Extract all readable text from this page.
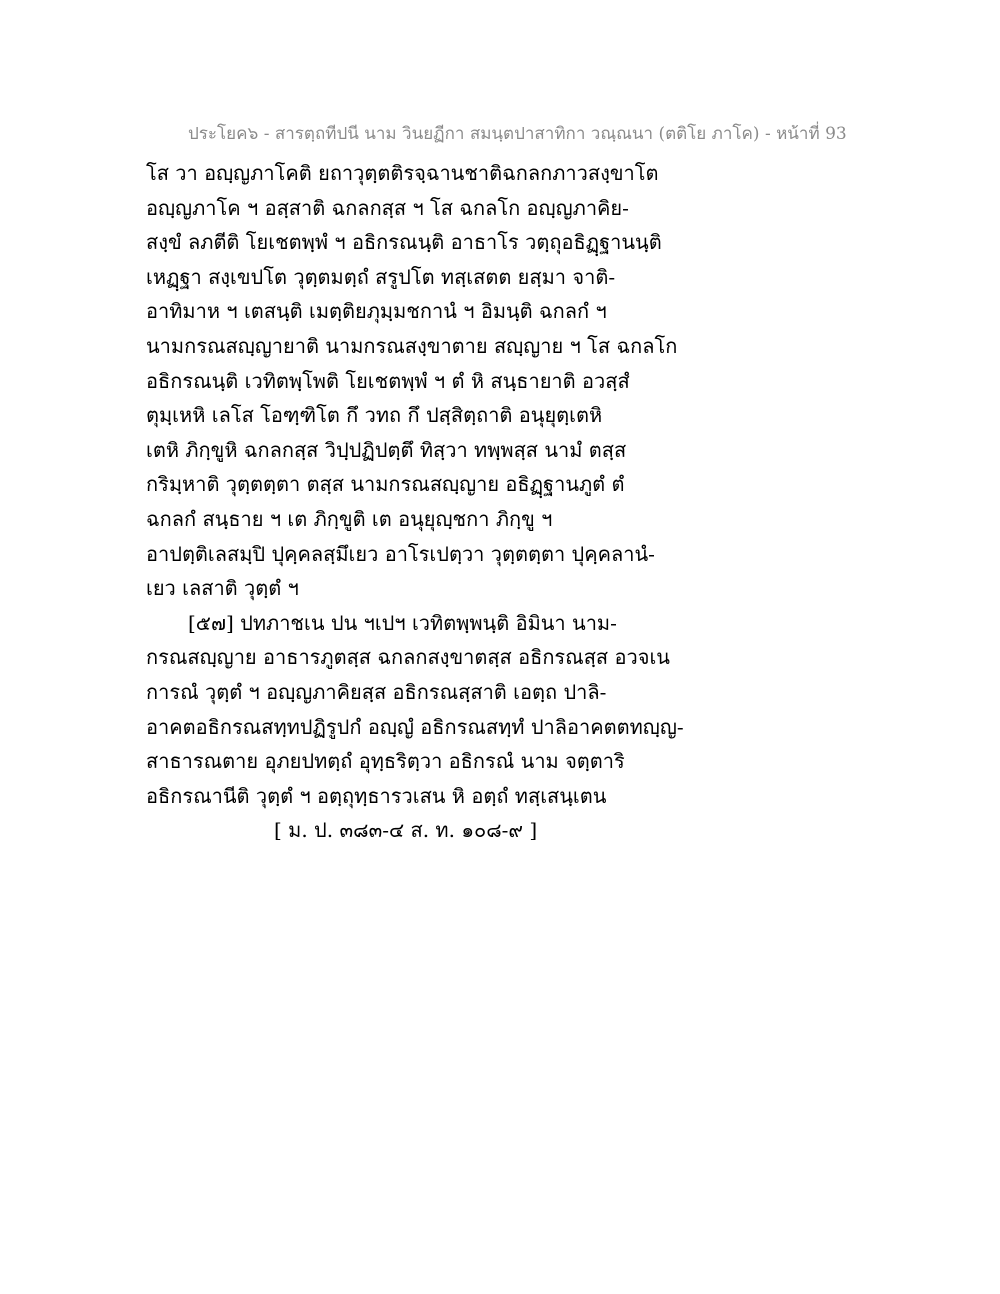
ประโยค๖ - สารตฺถทีปนี นาม วินยฏีกา สมนฺตปาสาทิกา วณฺณนา (ตติโย ภาโค) - หน้าที่ 93
โส วา อญฺญภาโคติ ยถาวุตฺตติรจฺฉานชาติฉกลกภาวสงฺขาโต
อญฺญภาโค ฯ อสฺสาติ ฉกลกสฺส ฯ โส ฉกลโก อญฺญภาคิย-
สงฺขํ ลภตีติ โยเชตพฺพํ ฯ อธิกรณนฺติ อาธาโร วตฺถุอธิฏฺฐานนฺติ
เหฏฺฐา สงฺเขปโต วุตฺตมตฺถํ สรูปโต ทสฺเสตต ยสฺมา จาติ-
อาทิมาห ฯ เตสนฺติ เมตฺติยภุมฺมชกานํ ฯ อิมนฺติ ฉกลกํ ฯ
นามกรณสญฺญายาติ นามกรณสงฺขาตาย สญฺญาย ฯ โส ฉกลโก
อธิกรณนฺติ เวทิตพฺโพติ โยเชตพฺพํ ฯ ตํ หิ สนฺธายาติ อวสฺสํ
ตุมฺเหหิ เลโส โอฑฺฑิโต กึ วทถ กึ ปสฺสิตฺถาติ อนุยุตฺเตหิ
เตหิ ภิกฺขูหิ ฉกลกสฺส วิปฺปฏิปตฺตึ ทิสฺวา ทพฺพสฺส นามํ ตสฺส
กริมฺหาติ วุตฺตตฺตา ตสฺส นามกรณสญฺญาย อธิฏฺฐานภูตํ ตํ
ฉกลกํ สนฺธาย ฯ เต ภิกฺขูติ เต อนุยุญฺชกา ภิกฺขู ฯ
อาปตฺติเลสมฺปิ ปุคฺคลสฺมึเยว อาโรเปตฺวา วุตฺตตฺตา ปุคฺคลานํ-
เยว เลสาติ วุตฺตํ ฯ
[๕๗] ปทภาชเน ปน ฯเปฯ เวทิตพฺพนฺติ อิมินา นาม-
กรณสญฺญาย อาธารภูตสฺส ฉกลกสงฺขาตสฺส อธิกรณสฺส อวจเน
การณํ วุตฺตํ ฯ อญฺญภาคิยสฺส อธิกรณสฺสาติ เอตฺถ ปาลิ-
อาคตอธิกรณสทฺทปฏิรูปกํ อญฺญํ อธิกรณสทฺทํ ปาลิอาคตตทญฺญ-
สาธารณตาย อุภยปทตฺถํ อุทฺธริตฺวา อธิกรณํ นาม จตฺตาริ
อธิกรณานีติ วุตฺตํ ฯ อตฺถุทฺธารวเสน หิ อตฺถํ ทสฺเสนฺเตน
[ ม. ป. ๓๘๓-๔ ส. ท. ๑๐๘-๙ ]
